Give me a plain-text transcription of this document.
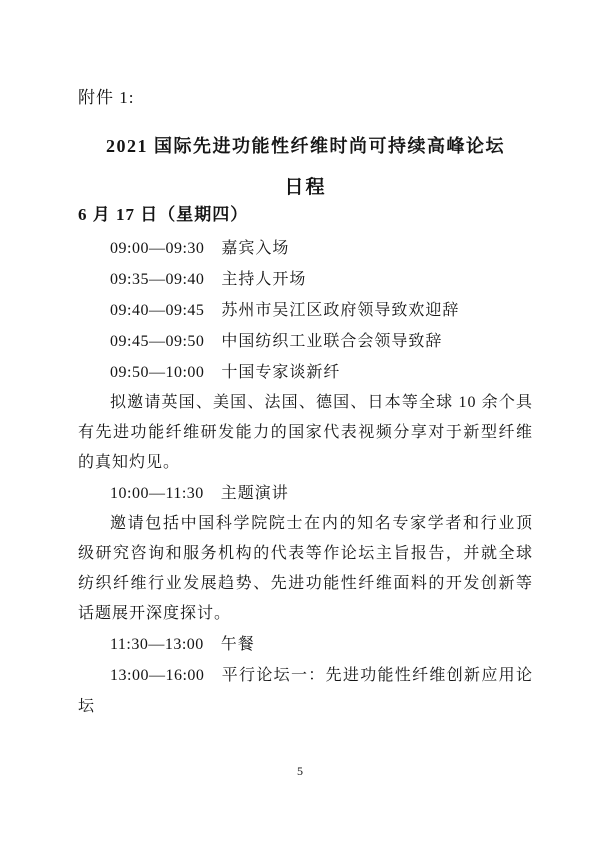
附件 1:

2021 国际先进功能性纤维时尚可持续高峰论坛
日程

6 月 17 日（星期四）

09:00—09:30 嘉宾入场

09:35—09:40 主持人开场

09:40—09:45 苏州市吴江区政府领导致欢迎辞

09:45—09:50 中国纺织工业联合会领导致辞

09:50—10:00 十国专家谈新纤

拟邀请英国、美国、法国、德国、日本等全球 10 余个具有先进功能纤维研发能力的国家代表视频分享对于新型纤维的真知灼见。

10:00—11:30 主题演讲

邀请包括中国科学院院士在内的知名专家学者和行业顶级研究咨询和服务机构的代表等作论坛主旨报告，并就全球纺织纤维行业发展趋势、先进功能性纤维面料的开发创新等话题展开深度探讨。

11:30—13:00 午餐

13:00—16:00 平行论坛一：先进功能性纤维创新应用论坛

5
